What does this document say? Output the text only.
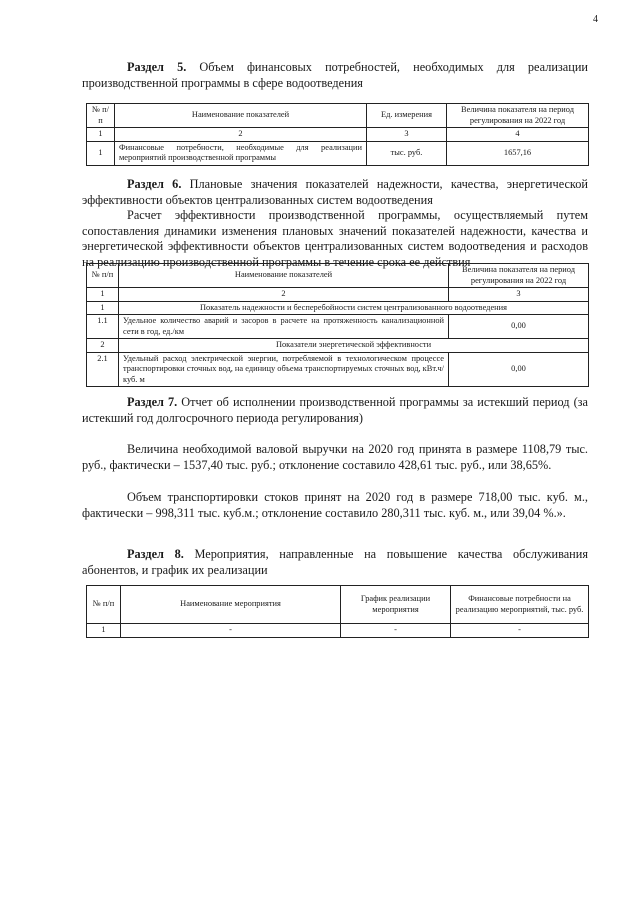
4

Раздел 5. Объем финансовых потребностей, необходимых для реализации производственной программы в сфере водоотведения

№ п/п	Наименование показателей	Ед. измерения	Величина показателя на период регулирования на 2022 год
1	2	3	4
1	Финансовые потребности, необходимые для реализации мероприятий производственной программы	тыс. руб.	1657,16

Раздел 6. Плановые значения показателей надежности, качества, энергетической эффективности объектов централизованных систем водоотведения

Расчет эффективности производственной программы, осуществляемый путем сопоставления динамики изменения плановых значений показателей надежности, качества и энергетической эффективности объектов централизованных систем водоотведения и расходов на реализацию производственной программы в течение срока ее действия

№ п/п	Наименование показателей	Величина показателя на период регулирования на 2022 год
1	2	3
1	Показатель надежности и бесперебойности систем централизованного водоотведения	
1.1	Удельное количество аварий и засоров в расчете на протяженность канализационной сети в год, ед./км	0,00
2	Показатели энергетической эффективности	
2.1	Удельный расход электрической энергии, потребляемой в технологическом процессе транспортировки сточных вод, на единицу объема транспортируемых сточных вод, кВт.ч/куб. м	0,00

Раздел 7. Отчет об исполнении производственной программы за истекший период (за истекший год долгосрочного периода регулирования)

Величина необходимой валовой выручки на 2020 год принята в размере 1108,79 тыс. руб., фактически – 1537,40 тыс. руб.; отклонение составило 428,61 тыс. руб., или 38,65%.

Объем транспортировки стоков принят на 2020 год в размере 718,00 тыс. куб. м., фактически – 998,311 тыс. куб.м.; отклонение составило 280,311 тыс. куб. м., или 39,04 %.».

Раздел 8. Мероприятия, направленные на повышение качества обслуживания абонентов, и график их реализации

№ п/п	Наименование мероприятия	График реализации мероприятия	Финансовые потребности на реализацию мероприятий, тыс. руб.
1	-	-	-
